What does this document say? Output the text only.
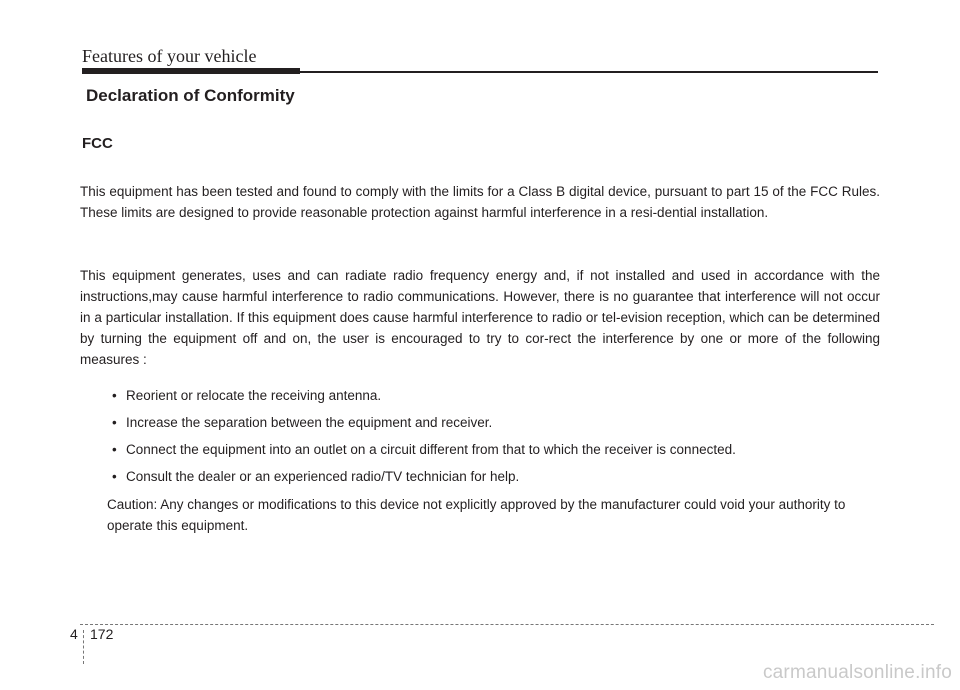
Features of your vehicle
Declaration of Conformity
FCC

This equipment has been tested and found to comply with the limits for a Class B digital device, pursuant to part 15 of the FCC Rules. These limits are designed to provide reasonable protection against harmful interference in a resi-dential installation.

This equipment generates, uses and can radiate radio frequency energy and, if not installed and used in accordance with the instructions,may cause harmful interference to radio communications. However, there is no guarantee that interference will not occur in a particular installation. If this equipment does cause harmful interference to radio or tel-evision reception, which can be determined by turning the equipment off and on, the user is encouraged to try to cor-rect the interference by one or more of the following measures :

• Reorient or relocate the receiving antenna.
• Increase the separation between the equipment and receiver.
• Connect the equipment into an outlet on a circuit different from that to which the receiver is connected.
• Consult the dealer or an experienced radio/TV technician for help.

Caution: Any changes or modifications to this device not explicitly approved by the manufacturer could void your authority to operate this equipment.

4 172
carmanualsonline.info
